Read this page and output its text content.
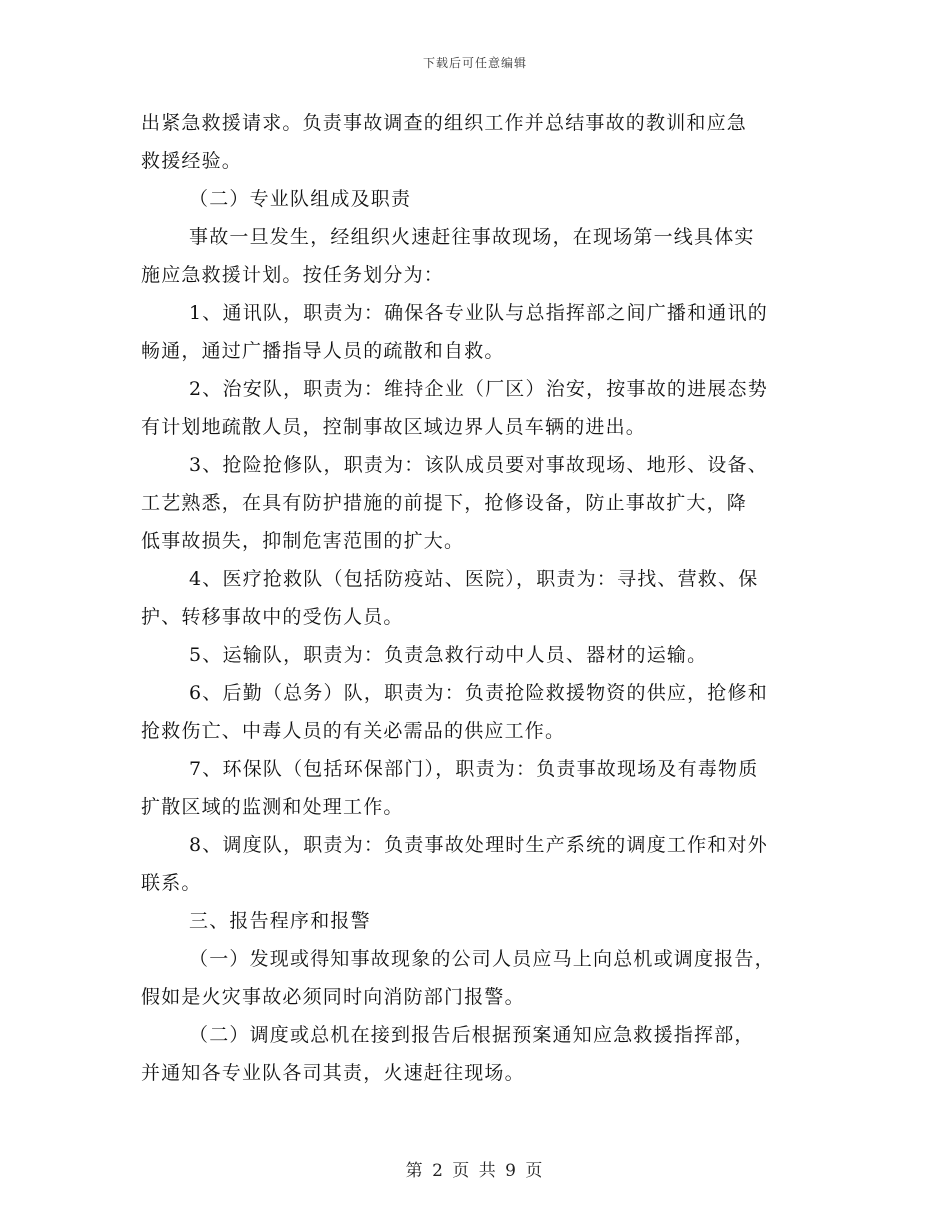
下载后可任意编辑
出紧急救援请求。负责事故调查的组织工作并总结事故的教训和应急
救援经验。
（二）专业队组成及职责
事故一旦发生，经组织火速赶往事故现场，在现场第一线具体实
施应急救援计划。按任务划分为：
1、通讯队，职责为：确保各专业队与总指挥部之间广播和通讯的
畅通，通过广播指导人员的疏散和自救。
2、治安队，职责为：维持企业（厂区）治安，按事故的进展态势
有计划地疏散人员，控制事故区域边界人员车辆的进出。
3、抢险抢修队，职责为：该队成员要对事故现场、地形、设备、
工艺熟悉，在具有防护措施的前提下，抢修设备，防止事故扩大，降
低事故损失，抑制危害范围的扩大。
4、医疗抢救队（包括防疫站、医院），职责为：寻找、营救、保
护、转移事故中的受伤人员。
5、运输队，职责为：负责急救行动中人员、器材的运输。
6、后勤（总务）队，职责为：负责抢险救援物资的供应，抢修和
抢救伤亡、中毒人员的有关必需品的供应工作。
7、环保队（包括环保部门），职责为：负责事故现场及有毒物质
扩散区域的监测和处理工作。
8、调度队，职责为：负责事故处理时生产系统的调度工作和对外
联系。
三、报告程序和报警
（一）发现或得知事故现象的公司人员应马上向总机或调度报告，
假如是火灾事故必须同时向消防部门报警。
（二）调度或总机在接到报告后根据预案通知应急救援指挥部，
并通知各专业队各司其责，火速赶往现场。
第 2 页 共 9 页
